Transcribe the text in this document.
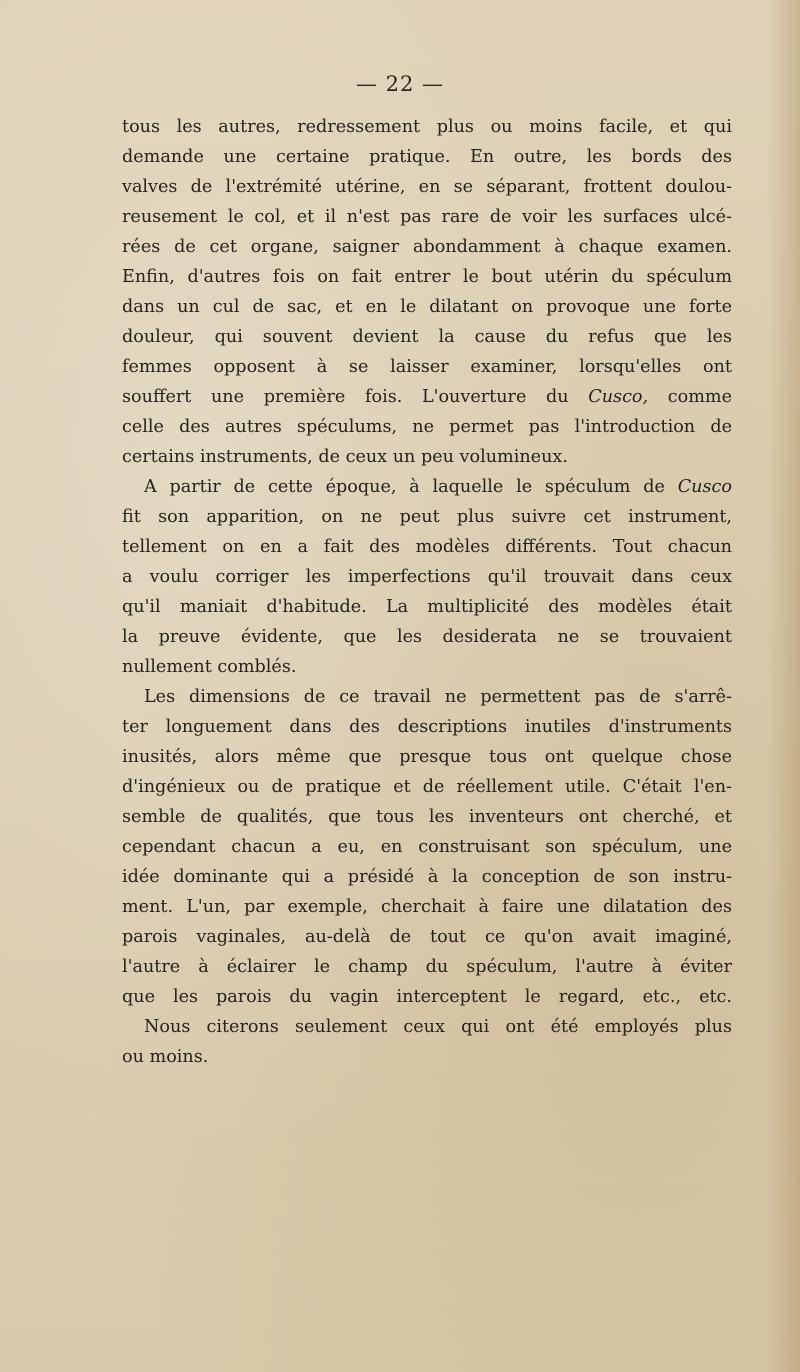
— 22 —
tous les autres, redressement plus ou moins facile, et qui
demande une certaine pratique. En outre, les bords des
valves de l'extrémité utérine, en se séparant, frottent doulou-
reusement le col, et il n'est pas rare de voir les surfaces ulcé-
rées de cet organe, saigner abondamment à chaque examen.
Enfin, d'autres fois on fait entrer le bout utérin du spéculum
dans un cul de sac, et en le dilatant on provoque une forte
douleur, qui souvent devient la cause du refus que les
femmes opposent à se laisser examiner, lorsqu'elles ont
souffert une première fois. L'ouverture du Cusco, comme
celle des autres spéculums, ne permet pas l'introduction de
certains instruments, de ceux un peu volumineux.
A partir de cette époque, à laquelle le spéculum de Cusco
fit son apparition, on ne peut plus suivre cet instrument,
tellement on en a fait des modèles différents. Tout chacun
a voulu corriger les imperfections qu'il trouvait dans ceux
qu'il maniait d'habitude. La multiplicité des modèles était
la preuve évidente, que les desiderata ne se trouvaient
nullement comblés.
Les dimensions de ce travail ne permettent pas de s'arrê-
ter longuement dans des descriptions inutiles d'instruments
inusités, alors même que presque tous ont quelque chose
d'ingénieux ou de pratique et de réellement utile. C'était l'en-
semble de qualités, que tous les inventeurs ont cherché, et
cependant chacun a eu, en construisant son spéculum, une
idée dominante qui a présidé à la conception de son instru-
ment. L'un, par exemple, cherchait à faire une dilatation des
parois vaginales, au-delà de tout ce qu'on avait imaginé,
l'autre à éclairer le champ du spéculum, l'autre à éviter
que les parois du vagin interceptent le regard, etc., etc.
Nous citerons seulement ceux qui ont été employés plus
ou moins.
